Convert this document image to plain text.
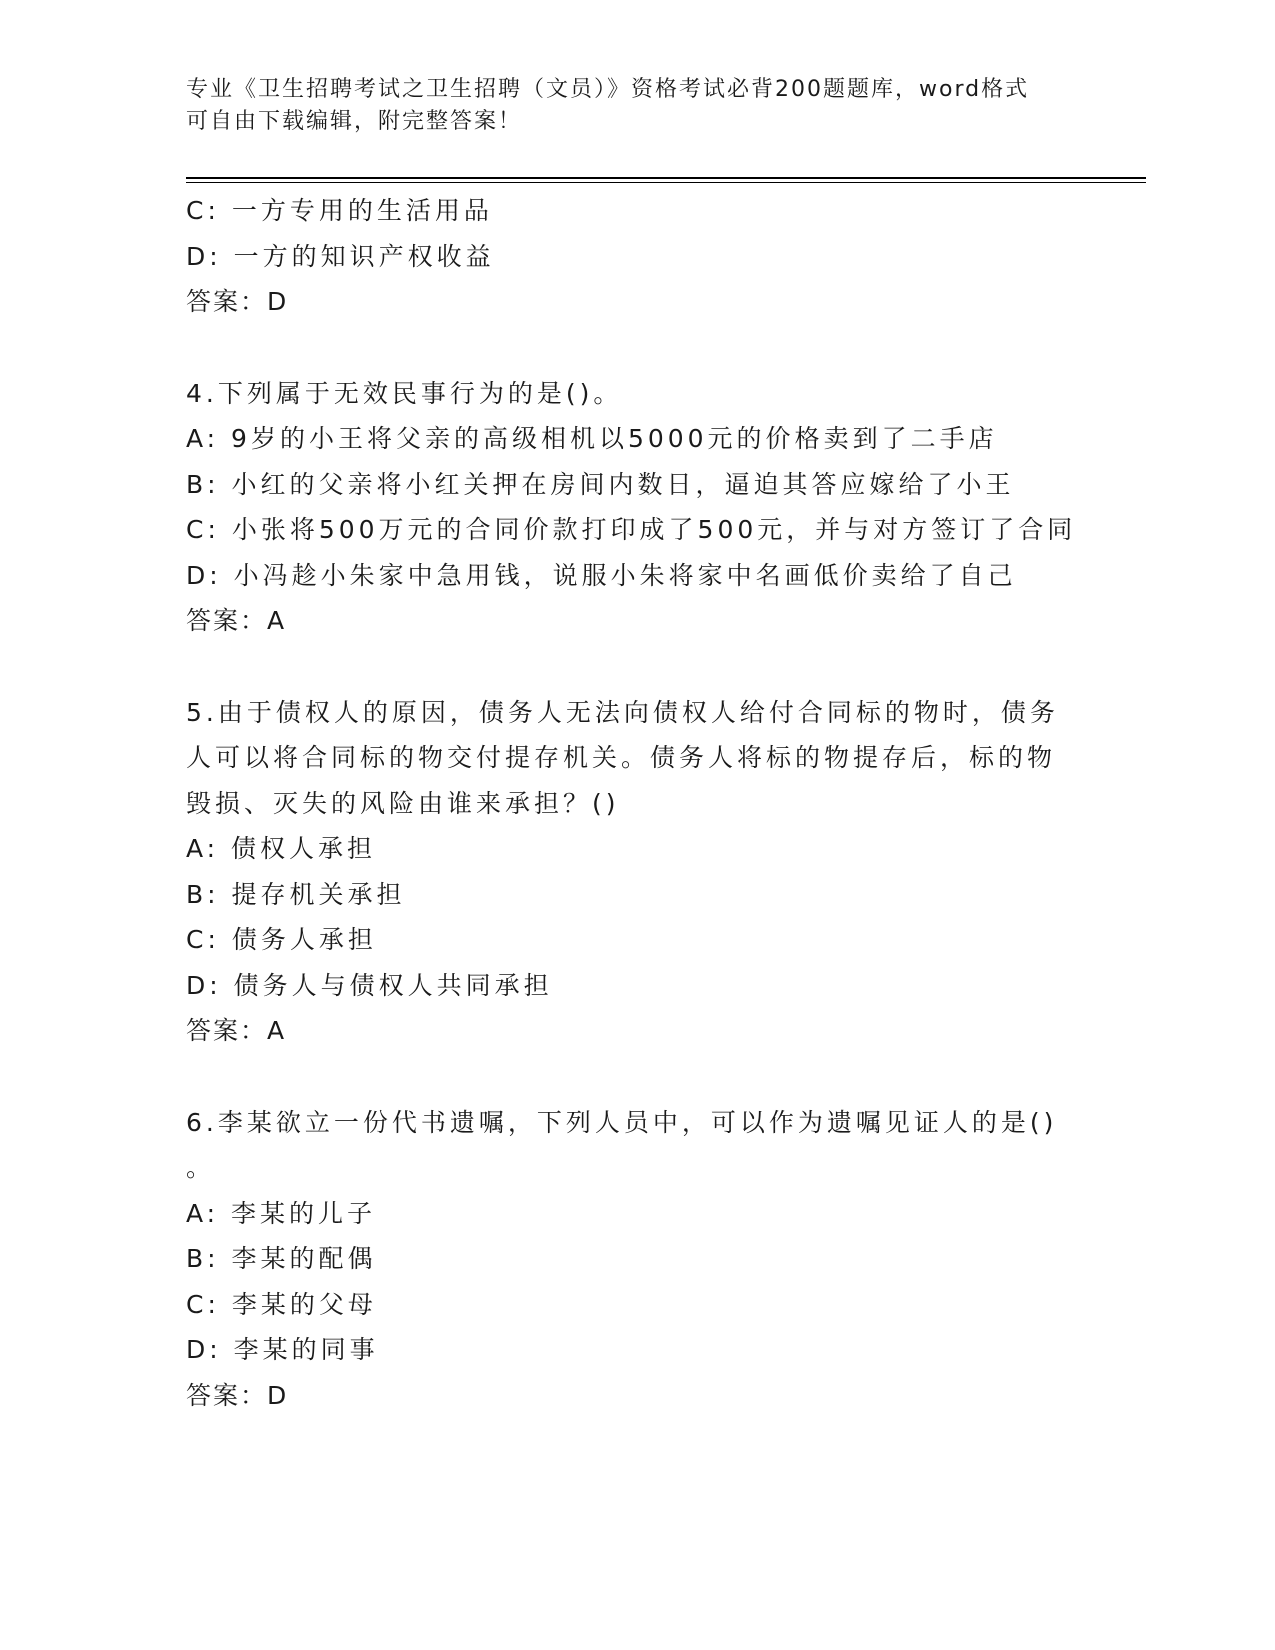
专业《卫生招聘考试之卫生招聘（文员）》资格考试必背200题题库，word格式
可自由下载编辑，附完整答案！
C: 一方专用的生活用品
D: 一方的知识产权收益
答案：D
4.下列属于无效民事行为的是()。
A: 9岁的小王将父亲的高级相机以5000元的价格卖到了二手店
B: 小红的父亲将小红关押在房间内数日，逼迫其答应嫁给了小王
C: 小张将500万元的合同价款打印成了500元，并与对方签订了合同
D: 小冯趁小朱家中急用钱，说服小朱将家中名画低价卖给了自己
答案：A
5.由于债权人的原因，债务人无法向债权人给付合同标的物时，债务
人可以将合同标的物交付提存机关。债务人将标的物提存后，标的物
毁损、灭失的风险由谁来承担？()
A: 债权人承担
B: 提存机关承担
C: 债务人承担
D: 债务人与债权人共同承担
答案：A
6.李某欲立一份代书遗嘱，下列人员中，可以作为遗嘱见证人的是()
。
A: 李某的儿子
B: 李某的配偶
C: 李某的父母
D: 李某的同事
答案：D
